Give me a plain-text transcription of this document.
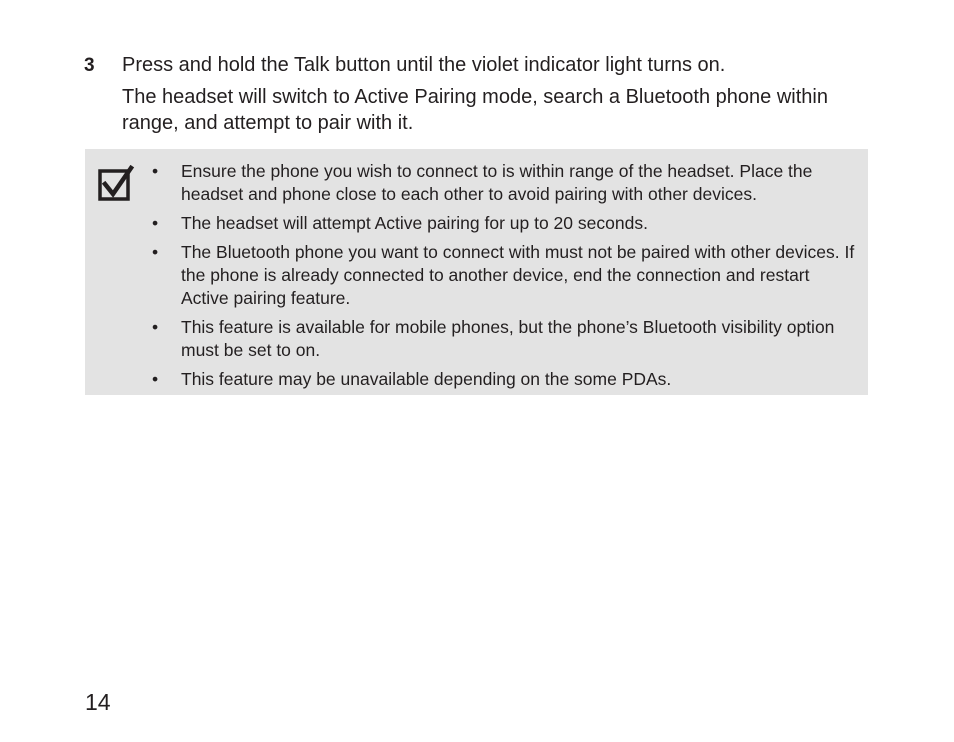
3 Press and hold the Talk button until the violet indicator light turns on.

The headset will switch to Active Pairing mode, search a Bluetooth phone within range, and attempt to pair with it.

• Ensure the phone you wish to connect to is within range of the headset. Place the headset and phone close to each other to avoid pairing with other devices.
• The headset will attempt Active pairing for up to 20 seconds.
• The Bluetooth phone you want to connect with must not be paired with other devices. If the phone is already connected to another device, end the connection and restart Active pairing feature.
• This feature is available for mobile phones, but the phone’s Bluetooth visibility option must be set to on.
• This feature may be unavailable depending on the some PDAs.
14
